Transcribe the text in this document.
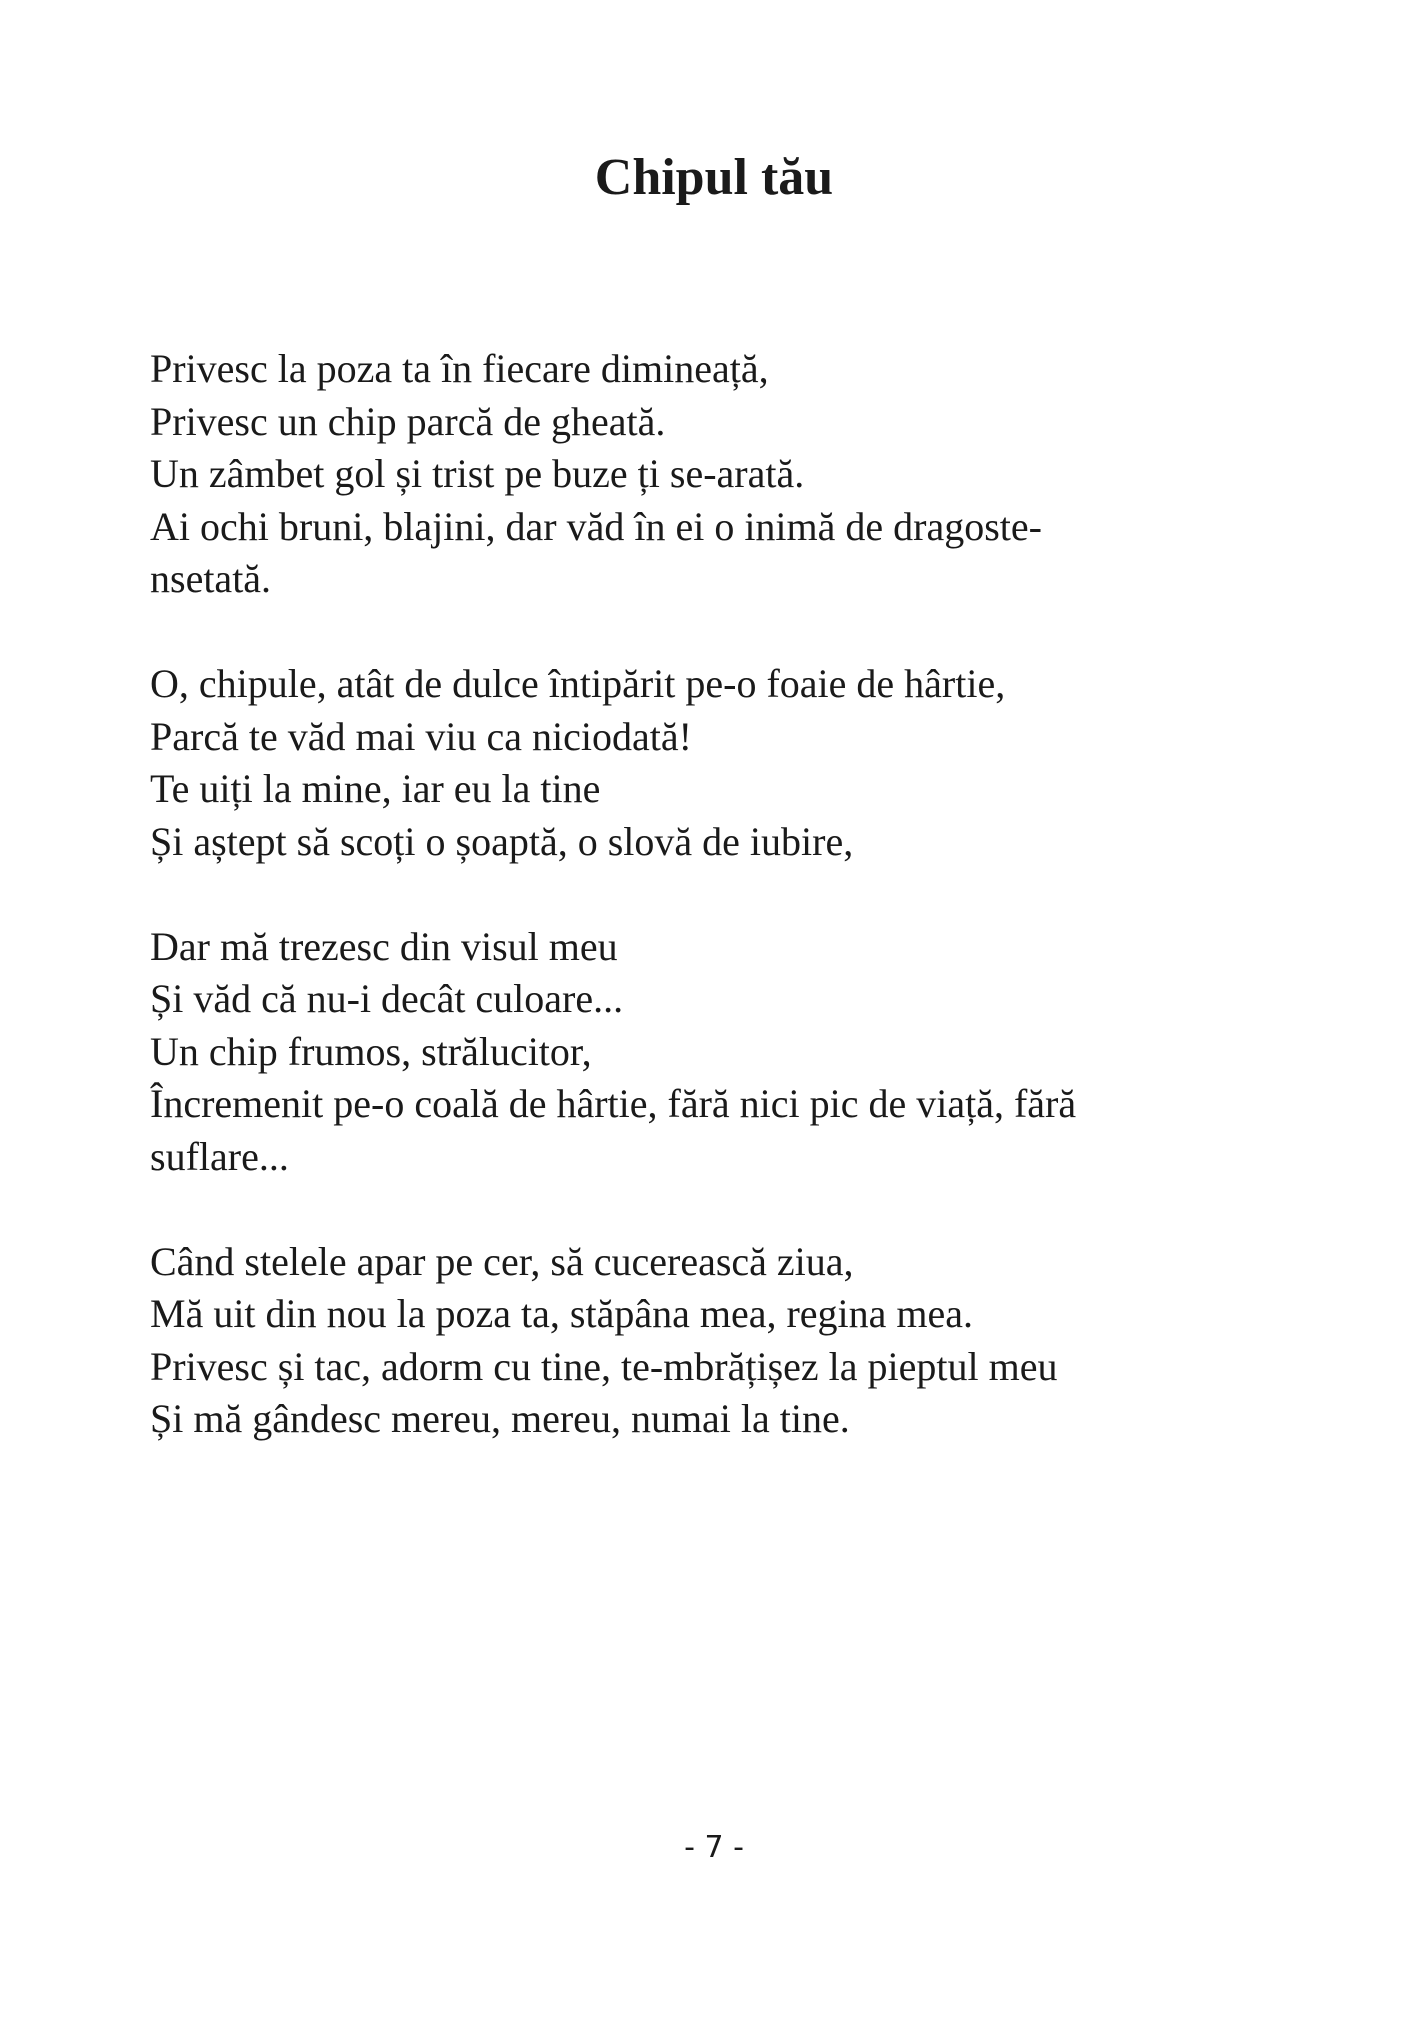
Chipul tău
Privesc la poza ta în fiecare dimineață,
Privesc un chip parcă de gheată.
Un zâmbet gol și trist pe buze ți se-arată.
Ai ochi bruni, blajini, dar văd în ei o inimă de dragoste-
nsetată.
O, chipule, atât de dulce întipărit pe-o foaie de hârtie,
Parcă te văd mai viu ca niciodată!
Te uiți la mine, iar eu la tine
Și aștept să scoți o șoaptă, o slovă de iubire,
Dar mă trezesc din visul meu
Și văd că nu-i decât culoare...
Un chip frumos, strălucitor,
Încremenit pe-o coală de hârtie, fără nici pic de viață, fără
suflare...
Când stelele apar pe cer, să cucerească ziua,
Mă uit din nou la poza ta, stăpâna mea, regina mea.
Privesc și tac, adorm cu tine, te-mbrățișez la pieptul meu
Și mă gândesc mereu, mereu, numai la tine.
- 7 -
